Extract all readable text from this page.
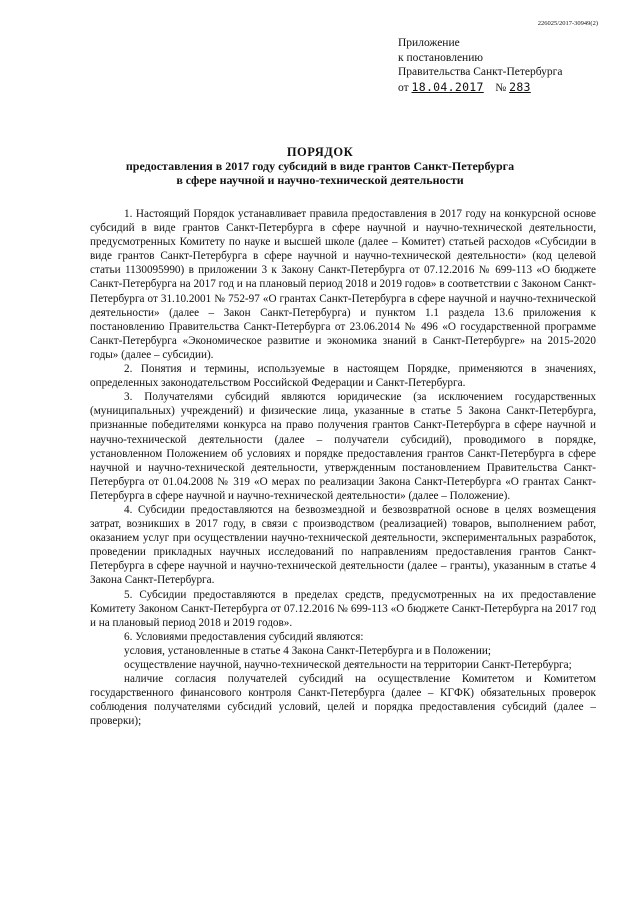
226025/2017-30949(2)
Приложение
к постановлению
Правительства Санкт-Петербурга
от 18.04.2017 № 283
ПОРЯДОК
предоставления в 2017 году субсидий в виде грантов Санкт-Петербурга
в сфере научной и научно-технической деятельности

1. Настоящий Порядок устанавливает правила предоставления в 2017 году на конкурсной основе субсидий в виде грантов Санкт-Петербурга в сфере научной и научно-технической деятельности, предусмотренных Комитету по науке и высшей школе (далее – Комитет) статьей расходов «Субсидии в виде грантов Санкт-Петербурга в сфере научной и научно-технической деятельности» (код целевой статьи 1130095990) в приложении 3 к Закону Санкт-Петербурга от 07.12.2016 № 699-113 «О бюджете Санкт-Петербурга на 2017 год и на плановый период 2018 и 2019 годов» в соответствии с Законом Санкт-Петербурга от 31.10.2001 № 752-97 «О грантах Санкт-Петербурга в сфере научной и научно-технической деятельности» (далее – Закон Санкт-Петербурга) и пунктом 1.1 раздела 13.6 приложения к постановлению Правительства Санкт-Петербурга от 23.06.2014 № 496 «О государственной программе Санкт-Петербурга «Экономическое развитие и экономика знаний в Санкт-Петербурге» на 2015-2020 годы» (далее – субсидии).

2. Понятия и термины, используемые в настоящем Порядке, применяются в значениях, определенных законодательством Российской Федерации и Санкт-Петербурга.

3. Получателями субсидий являются юридические (за исключением государственных (муниципальных) учреждений) и физические лица, указанные в статье 5 Закона Санкт-Петербурга, признанные победителями конкурса на право получения грантов Санкт-Петербурга в сфере научной и научно-технической деятельности (далее – получатели субсидий), проводимого в порядке, установленном Положением об условиях и порядке предоставления грантов Санкт-Петербурга в сфере научной и научно-технической деятельности, утвержденным постановлением Правительства Санкт-Петербурга от 01.04.2008 № 319 «О мерах по реализации Закона Санкт-Петербурга «О грантах Санкт-Петербурга в сфере научной и научно-технической деятельности» (далее – Положение).

4. Субсидии предоставляются на безвозмездной и безвозвратной основе в целях возмещения затрат, возникших в 2017 году, в связи с производством (реализацией) товаров, выполнением работ, оказанием услуг при осуществлении научно-технической деятельности, экспериментальных разработок, проведении прикладных научных исследований по направлениям предоставления грантов Санкт-Петербурга в сфере научной и научно-технической деятельности (далее – гранты), указанным в статье 4 Закона Санкт-Петербурга.

5. Субсидии предоставляются в пределах средств, предусмотренных на их предоставление Комитету Законом Санкт-Петербурга от 07.12.2016 № 699-113 «О бюджете Санкт-Петербурга на 2017 год и на плановый период 2018 и 2019 годов».

6. Условиями предоставления субсидий являются:

условия, установленные в статье 4 Закона Санкт-Петербурга и в Положении;

осуществление научной, научно-технической деятельности на территории Санкт-Петербурга;

наличие согласия получателей субсидий на осуществление Комитетом и Комитетом государственного финансового контроля Санкт-Петербурга (далее – КГФК) обязательных проверок соблюдения получателями субсидий условий, целей и порядка предоставления субсидий (далее – проверки);
